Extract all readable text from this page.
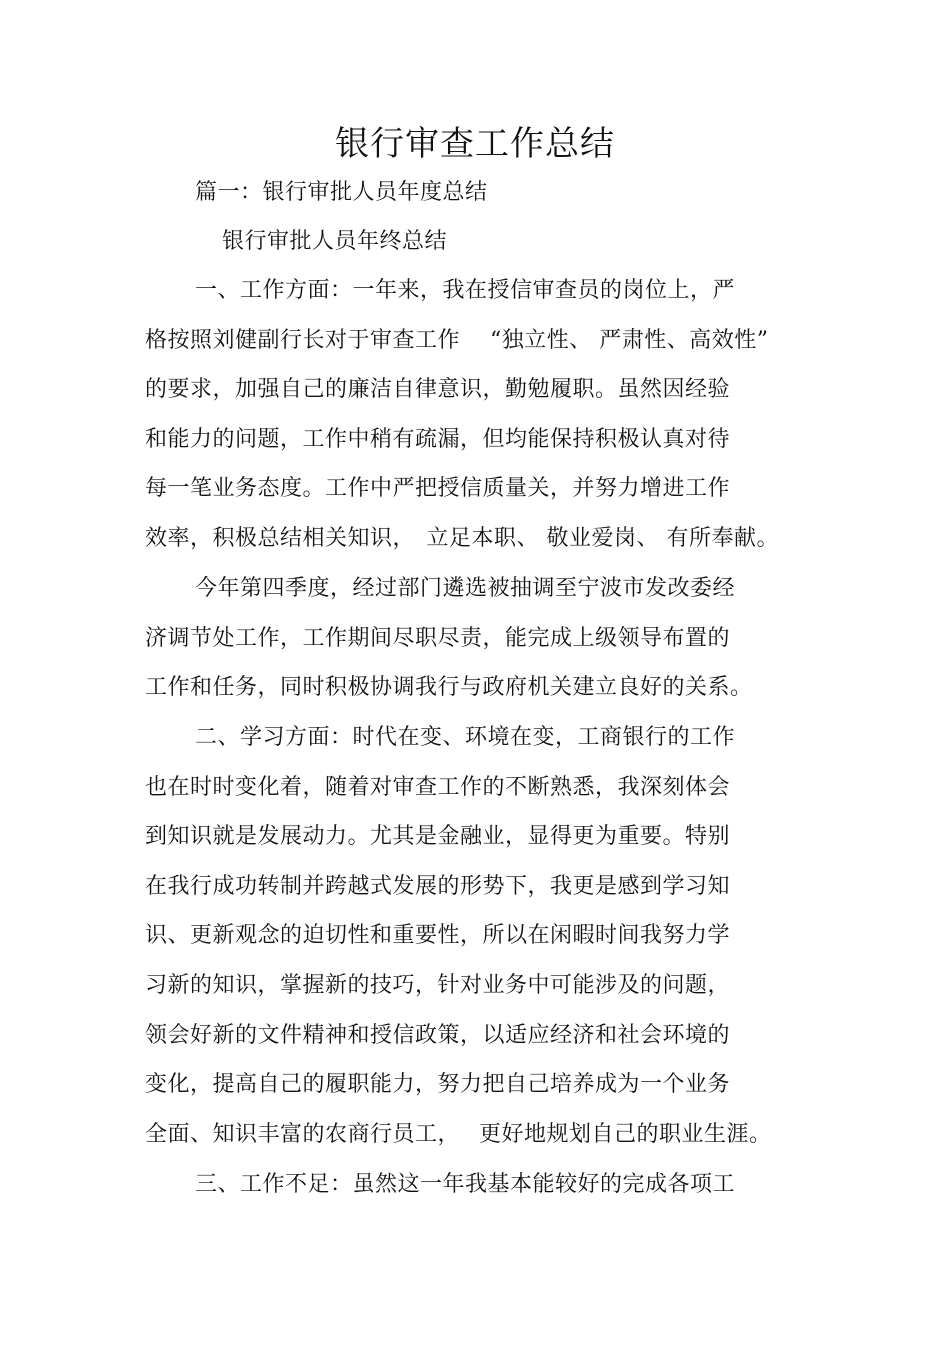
银行审查工作总结
篇一：银行审批人员年度总结
银行审批人员年终总结
一、工作方面：一年来，我在授信审查员的岗位上，严
格按照刘健副行长对于审查工作　 “独立性、 严肃性、高效性”
的要求，加强自己的廉洁自律意识，勤勉履职。虽然因经验
和能力的问题，工作中稍有疏漏，但均能保持积极认真对待
每一笔业务态度。工作中严把授信质量关，并努力增进工作
效率，积极总结相关知识，　立足本职、 敬业爱岗、 有所奉献。
今年第四季度，经过部门遴选被抽调至宁波市发改委经
济调节处工作，工作期间尽职尽责，能完成上级领导布置的
工作和任务，同时积极协调我行与政府机关建立良好的关系。
二、学习方面：时代在变、环境在变，工商银行的工作
也在时时变化着，随着对审查工作的不断熟悉，我深刻体会
到知识就是发展动力。尤其是金融业，显得更为重要。特别
在我行成功转制并跨越式发展的形势下，我更是感到学习知
识、更新观念的迫切性和重要性，所以在闲暇时间我努力学
习新的知识，掌握新的技巧，针对业务中可能涉及的问题，
领会好新的文件精神和授信政策，以适应经济和社会环境的
变化，提高自己的履职能力，努力把自己培养成为一个业务
全面、知识丰富的农商行员工，　 更好地规划自己的职业生涯。
三、工作不足：虽然这一年我基本能较好的完成各项工
